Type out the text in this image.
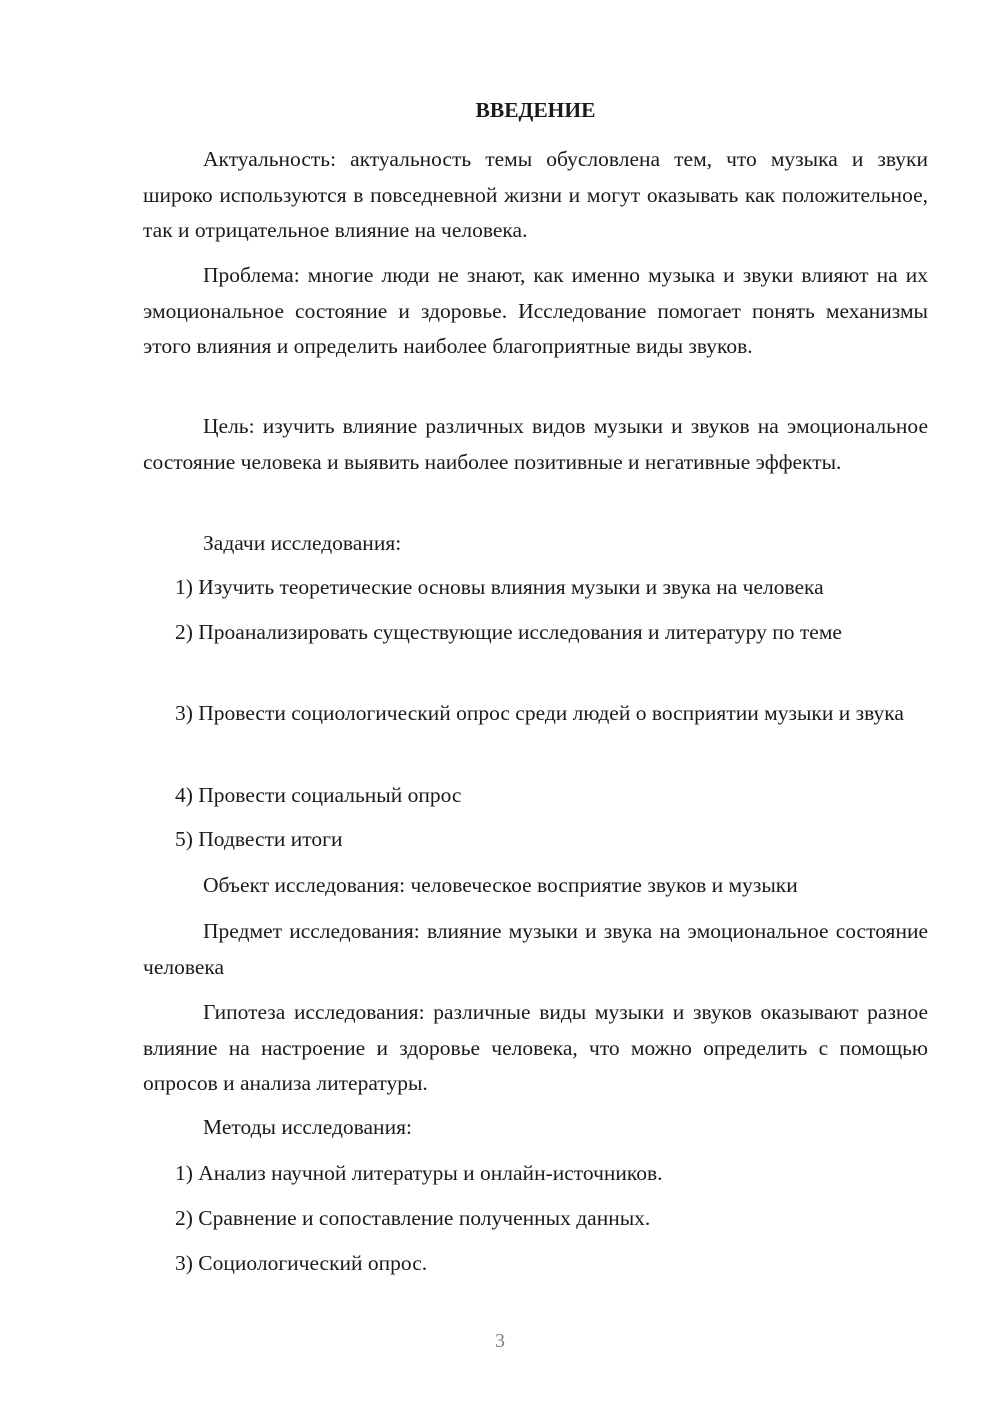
ВВЕДЕНИЕ

Актуальность: актуальность темы обусловлена тем, что музыка и звуки широко используются в повседневной жизни и могут оказывать как положительное, так и отрицательное влияние на человека.

Проблема: многие люди не знают, как именно музыка и звуки влияют на их эмоциональное состояние и здоровье. Исследование помогает понять механизмы этого влияния и определить наиболее благоприятные виды звуков.

Цель: изучить влияние различных видов музыки и звуков на эмоциональное состояние человека и выявить наиболее позитивные и негативные эффекты.

Задачи исследования:

1) Изучить теоретические основы влияния музыки и звука на человека

2) Проанализировать существующие исследования и литературу по теме

3) Провести социологический опрос среди людей о восприятии музыки и звука

4) Провести социальный опрос

5) Подвести итоги

Объект исследования: человеческое восприятие звуков и музыки

Предмет исследования: влияние музыки и звука на эмоциональное состояние человека

Гипотеза исследования: различные виды музыки и звуков оказывают разное влияние на настроение и здоровье человека, что можно определить с помощью опросов и анализа литературы.

Методы исследования:

1) Анализ научной литературы и онлайн-источников.

2) Сравнение и сопоставление полученных данных.

3) Социологический опрос.

3
